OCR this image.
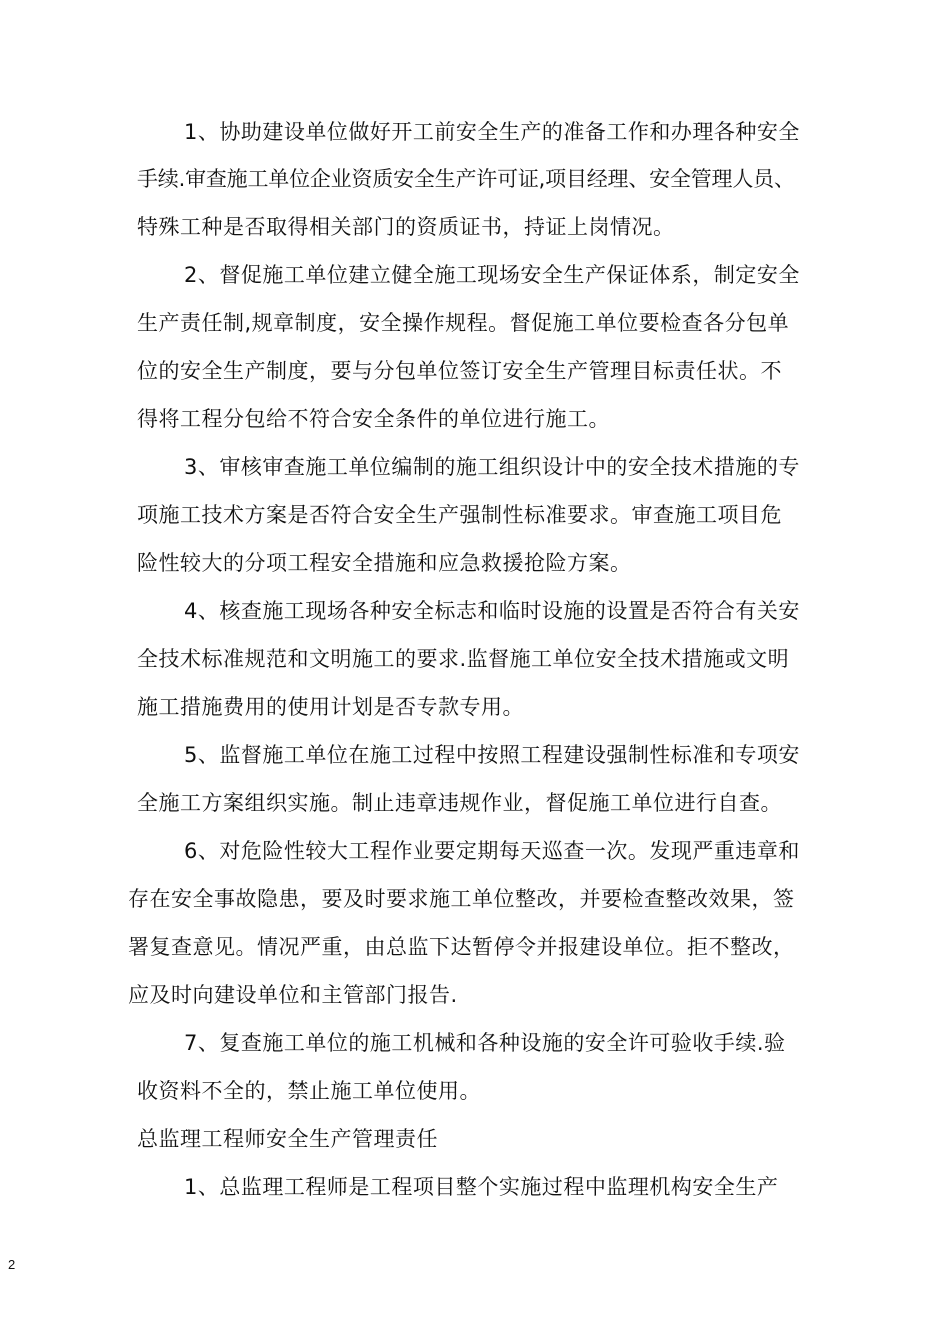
1、协助建设单位做好开工前安全生产的准备工作和办理各种安全
手续.审查施工单位企业资质安全生产许可证,项目经理、安全管理人员、
特殊工种是否取得相关部门的资质证书，持证上岗情况。
2、督促施工单位建立健全施工现场安全生产保证体系，制定安全
生产责任制,规章制度，安全操作规程。督促施工单位要检查各分包单
位的安全生产制度，要与分包单位签订安全生产管理目标责任状。不
得将工程分包给不符合安全条件的单位进行施工。
3、审核审查施工单位编制的施工组织设计中的安全技术措施的专
项施工技术方案是否符合安全生产强制性标准要求。审查施工项目危
险性较大的分项工程安全措施和应急救援抢险方案。
4、核查施工现场各种安全标志和临时设施的设置是否符合有关安
全技术标准规范和文明施工的要求.监督施工单位安全技术措施或文明
施工措施费用的使用计划是否专款专用。
5、监督施工单位在施工过程中按照工程建设强制性标准和专项安
全施工方案组织实施。制止违章违规作业，督促施工单位进行自查。
6、对危险性较大工程作业要定期每天巡查一次。发现严重违章和
存在安全事故隐患，要及时要求施工单位整改，并要检查整改效果，签
署复查意见。情况严重，由总监下达暂停令并报建设单位。拒不整改，
应及时向建设单位和主管部门报告.
7、复查施工单位的施工机械和各种设施的安全许可验收手续.验
收资料不全的，禁止施工单位使用。
总监理工程师安全生产管理责任
1、总监理工程师是工程项目整个实施过程中监理机构安全生产
2
